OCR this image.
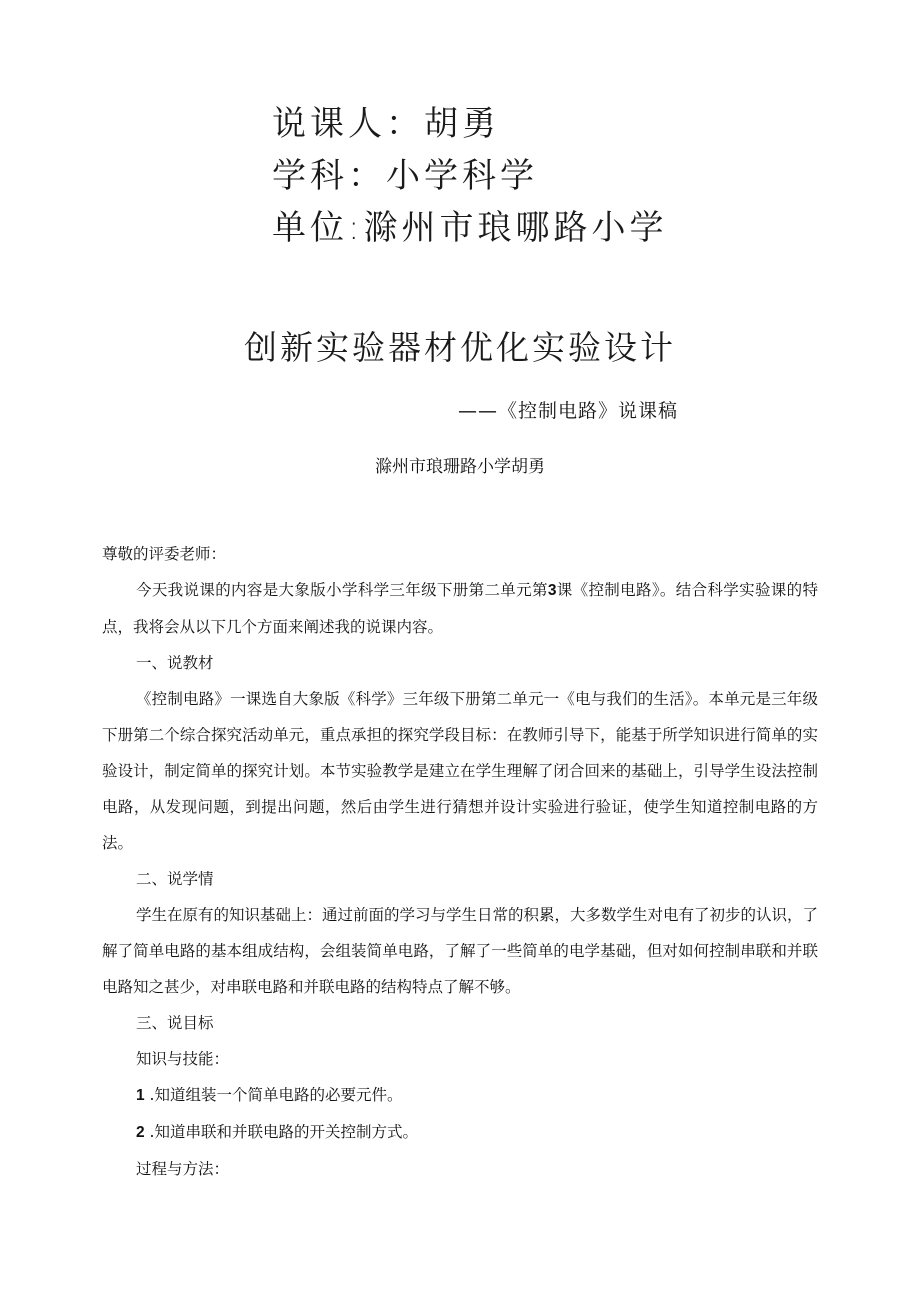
说课人：胡勇
学科：小学科学
单位:滁州市琅哪路小学
创新实验器材优化实验设计
——《控制电路》说课稿
滁州市琅珊路小学胡勇

尊敬的评委老师：

今天我说课的内容是大象版小学科学三年级下册第二单元第3课《控制电路》。结合科学实验课的特点，我将会从以下几个方面来阐述我的说课内容。

一、说教材

《控制电路》一课选自大象版《科学》三年级下册第二单元一《电与我们的生活》。本单元是三年级下册第二个综合探究活动单元，重点承担的探究学段目标：在教师引导下，能基于所学知识进行简单的实验设计，制定简单的探究计划。本节实验教学是建立在学生理解了闭合回来的基础上，引导学生设法控制电路，从发现问题，到提出问题，然后由学生进行猜想并设计实验进行验证，使学生知道控制电路的方法。

二、说学情

学生在原有的知识基础上：通过前面的学习与学生日常的积累，大多数学生对电有了初步的认识，了解了简单电路的基本组成结构，会组装简单电路，了解了一些简单的电学基础，但对如何控制串联和并联电路知之甚少，对串联电路和并联电路的结构特点了解不够。

三、说目标

知识与技能：

1 .知道组装一个简单电路的必要元件。

2 .知道串联和并联电路的开关控制方式。

过程与方法：
